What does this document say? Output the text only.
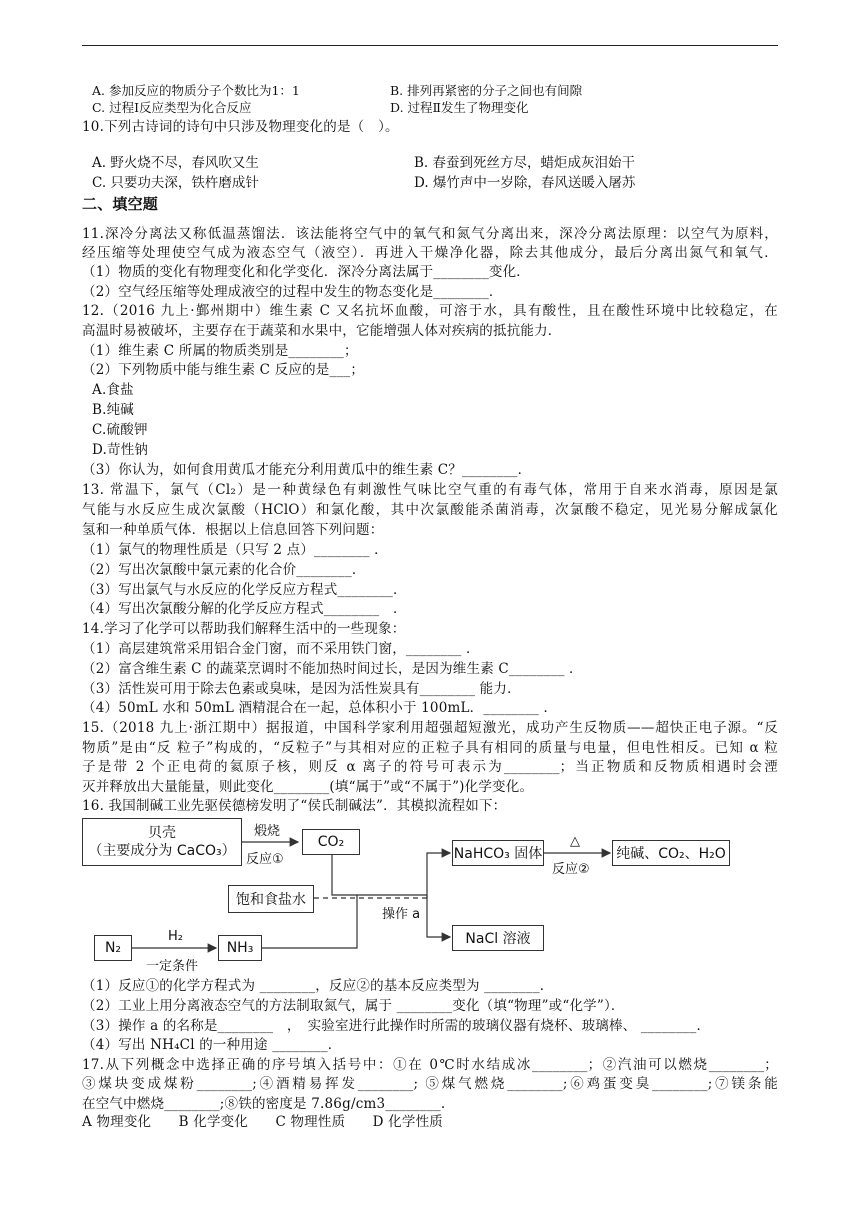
A. 参加反应的物质分子个数比为1：1	B. 排列再紧密的分子之间也有间隙
C. 过程Ⅰ反应类型为化合反应	D. 过程Ⅱ发生了物理变化
10.下列古诗词的诗句中只涉及物理变化的是（　）。
A. 野火烧不尽，春风吹又生	B. 春蚕到死丝方尽，蜡炬成灰泪始干
C. 只要功夫深，铁杵磨成针	D. 爆竹声中一岁除，春风送暖入屠苏
二、填空题
11.深冷分离法又称低温蒸馏法．该法能将空气中的氧气和氮气分离出来，深冷分离法原理：以空气为原料，
经压缩等处理使空气成为液态空气（液空）．再进入干燥净化器，除去其他成分，最后分离出氮气和氧气．
（1）物质的变化有物理变化和化学变化．深冷分离法属于________变化．
（2）空气经压缩等处理成液空的过程中发生的物态变化是________．
12.（2016 九上·鄞州期中）维生素 C 又名抗坏血酸，可溶于水，具有酸性，且在酸性环境中比较稳定，在
高温时易被破坏，主要存在于蔬菜和水果中，它能增强人体对疾病的抵抗能力．
（1）维生素 C 所属的物质类别是________；
（2）下列物质中能与维生素 C 反应的是___；
A.食盐
B.纯碱
C.硫酸钾
D.苛性钠
（3）你认为，如何食用黄瓜才能充分利用黄瓜中的维生素 C？________．
13. 常温下，氯气（Cl₂）是一种黄绿色有刺激性气味比空气重的有毒气体，常用于自来水消毒，原因是氯
气能与水反应生成次氯酸（HClO）和氯化酸，其中次氯酸能杀菌消毒，次氯酸不稳定，见光易分解成氯化
氢和一种单质气体．根据以上信息回答下列问题：
（1）氯气的物理性质是（只写 2 点）________ ．
（2）写出次氯酸中氯元素的化合价________．
（3）写出氯气与水反应的化学反应方程式________．
（4）写出次氯酸分解的化学反应方程式________　．
14.学习了化学可以帮助我们解释生活中的一些现象：
（1）高层建筑常采用铝合金门窗，而不采用铁门窗，________ ．
（2）富含维生素 C 的蔬菜烹调时不能加热时间过长，是因为维生素 C________ ．
（3）活性炭可用于除去色素或臭味，是因为活性炭具有________ 能力．
（4）50mL 水和 50mL 酒精混合在一起，总体积小于 100mL．________ ．
15.（2018 九上·浙江期中）据报道，中国科学家利用超强超短激光，成功产生反物质——超快正电子源。“反
物质”是由“反 粒子”构成的，“反粒子”与其相对应的正粒子具有相同的质量与电量，但电性相反。已知 α 粒
子是带 2 个正电荷的氦原子核，则反 α 离子的符号可表示为________；当正物质和反物质相遇时会湮
灭并释放出大量能量，则此变化________(填“属于”或“不属于”)化学变化。
16. 我国制碱工业先驱侯德榜发明了“侯氏制碱法”．其模拟流程如下：
贝壳
（主要成分为 CaCO₃）
煅烧
反应①
CO₂
饱和食盐水
操作 a
NaHCO₃ 固体
△
反应②
纯碱、CO₂、H₂O
NaCl 溶液
N₂
H₂
一定条件
NH₃
（1）反应①的化学方程式为 ________，反应②的基本反应类型为 ________．
（2）工业上用分离液态空气的方法制取氮气，属于 ________变化（填“物理”或“化学”）．
（3）操作 a 的名称是________　，　实验室进行此操作时所需的玻璃仪器有烧杯、玻璃棒、 ________．
（4）写出 NH₄Cl 的一种用途 ________．
17.从下列概念中选择正确的序号填入括号中：①在 0℃时水结成冰________；②汽油可以燃烧________；
③煤块变成煤粉________;④酒精易挥发________; ⑤煤气燃烧________;⑥鸡蛋变臭________;⑦镁条能
在空气中燃烧________;⑧铁的密度是 7.86g/cm3________.
A 物理变化　　B 化学变化　　C 物理性质　　D 化学性质
